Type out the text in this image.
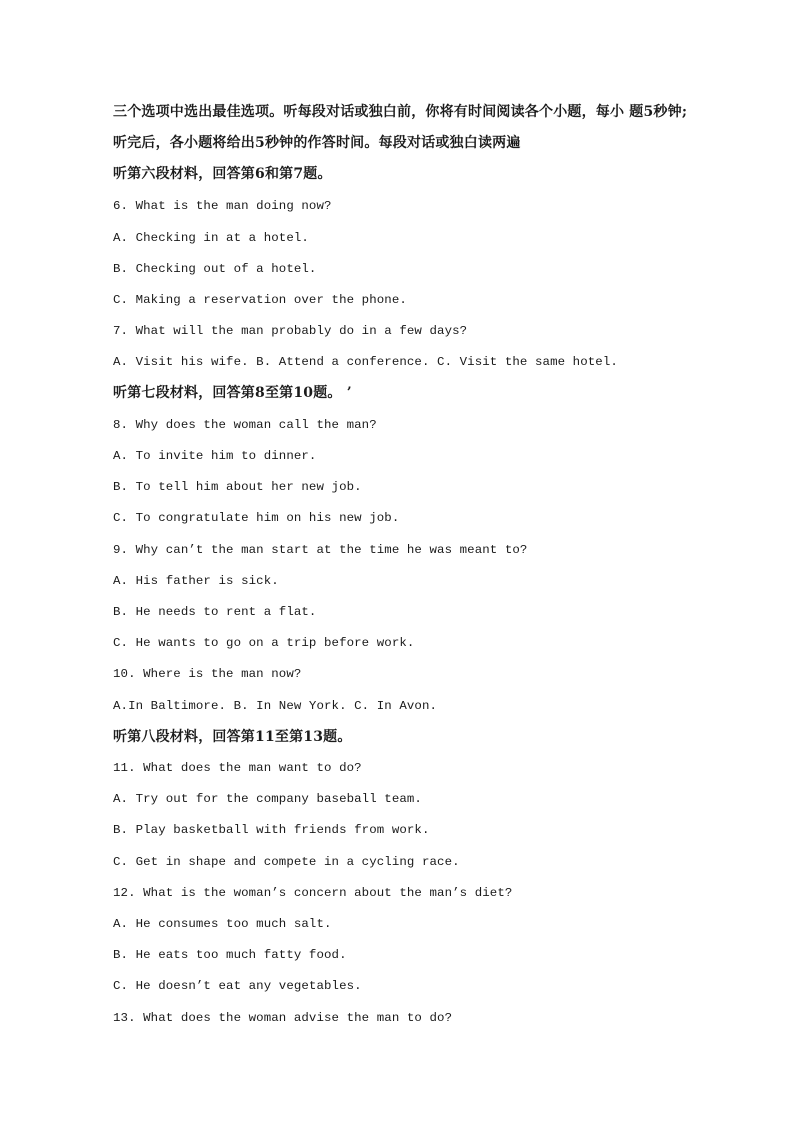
三个选项中选出最佳选项。听每段对话或独白前，你将有时间阅读各个小题，每小 题5秒钟;
听完后，各小题将给出5秒钟的作答时间。每段对话或独白读两遍
听第六段材料，回答第6和第7题。
6. What is the man doing now?
A. Checking in at a hotel.
B. Checking out of a hotel.
C. Making a reservation over the phone.
7. What will the man probably do in a few days?
A. Visit his wife. B. Attend a conference. C. Visit the same hotel.
听第七段材料，回答第8至第10题。 ’
8. Why does the woman call the man?
A. To invite him to dinner.
B. To tell him about her new job.
C. To congratulate him on his new job.
9. Why can’t the man start at the time he was meant to?
A. His father is sick.
B. He needs to rent a flat.
C. He wants to go on a trip before work.
10. Where is the man now?
A.In Baltimore. B. In New York. C. In Avon.
听第八段材料，回答第11至第13题。
11. What does the man want to do?
A. Try out for the company baseball team.
B. Play basketball with friends from work.
C. Get in shape and compete in a cycling race.
12. What is the woman’s concern about the man’s diet?
A. He consumes too much salt.
B. He eats too much fatty food.
C. He doesn’t eat any vegetables.
13. What does the woman advise the man to do?
